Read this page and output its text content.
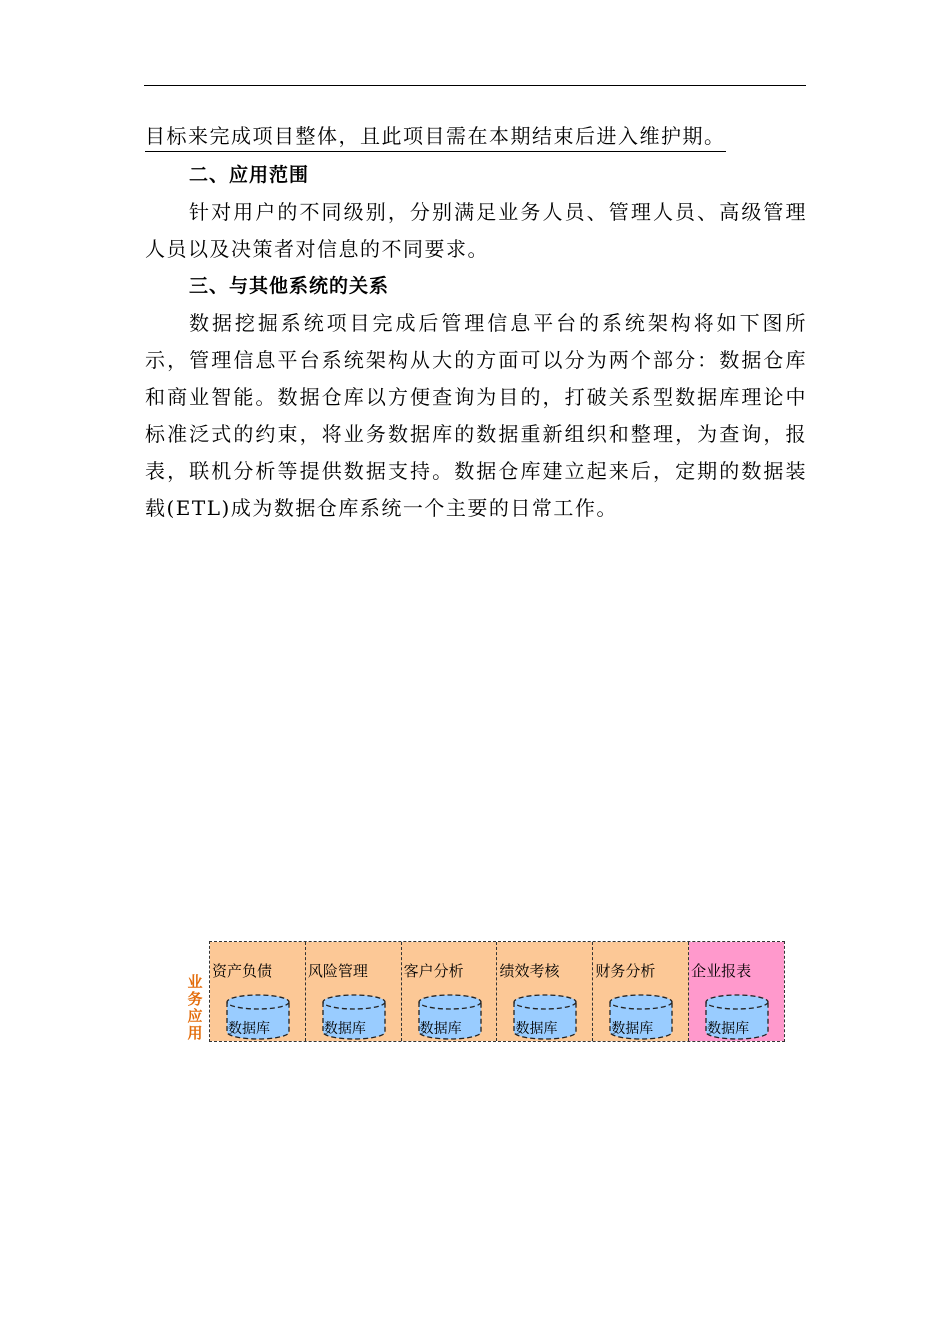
目标来完成项目整体，且此项目需在本期结束后进入维护期。
二、应用范围
针对用户的不同级别，分别满足业务人员、管理人员、高级管理人员以及决策者对信息的不同要求。
三、与其他系统的关系
数据挖掘系统项目完成后管理信息平台的系统架构将如下图所示，管理信息平台系统架构从大的方面可以分为两个部分：数据仓库和商业智能。数据仓库以方便查询为目的，打破关系型数据库理论中标准泛式的约束，将业务数据库的数据重新组织和整理，为查询，报表，联机分析等提供数据支持。数据仓库建立起来后，定期的数据装载(ETL)成为数据仓库系统一个主要的日常工作。
业务应用
资产负债
数据库
风险管理
数据库
客户分析
数据库
绩效考核
数据库
财务分析
数据库
企业报表
数据库
